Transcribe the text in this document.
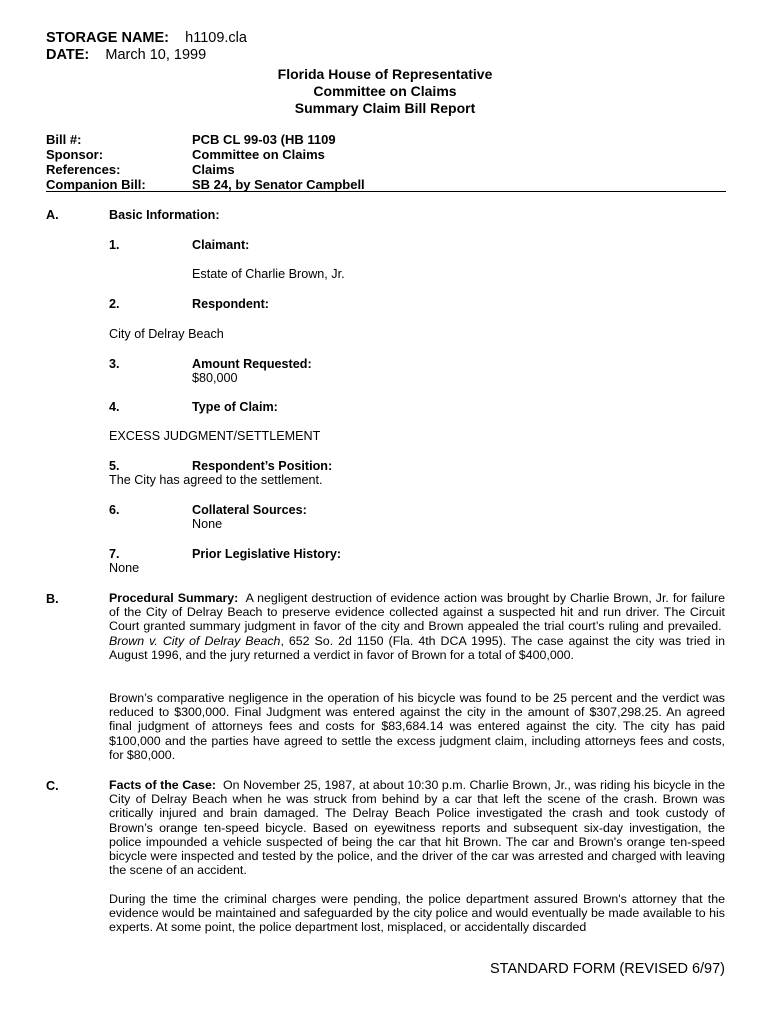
STORAGE NAME: h1109.cla
DATE: March 10, 1999
Florida House of Representative
Committee on Claims
Summary Claim Bill Report
Bill #:	PCB CL 99-03 (HB 1109
Sponsor:	Committee on Claims
References:	Claims
Companion Bill:	SB 24, by Senator Campbell
A.	Basic Information:
1.	Claimant:
Estate of Charlie Brown, Jr.
2.	Respondent:
City of Delray Beach
3.	Amount Requested:
$80,000
4.	Type of Claim:
EXCESS JUDGMENT/SETTLEMENT
5.	Respondent’s Position:
The City has agreed to the settlement.
6.	Collateral Sources:
None
7.	Prior Legislative History:
None
B.	Procedural Summary: A negligent destruction of evidence action was brought by Charlie Brown, Jr. for failure of the City of Delray Beach to preserve evidence collected against a suspected hit and run driver. The Circuit Court granted summary judgment in favor of the city and Brown appealed the trial court’s ruling and prevailed.  Brown v. City of Delray Beach, 652 So. 2d 1150 (Fla. 4th DCA 1995). The case against the city was tried in August 1996, and the jury returned a verdict in favor of Brown for a total of $400,000.
Brown’s comparative negligence in the operation of his bicycle was found to be 25 percent and the verdict was reduced to $300,000. Final Judgment was entered against the city in the amount of $307,298.25. An agreed final judgment of attorneys fees and costs for $83,684.14 was entered against the city. The city has paid $100,000 and the parties have agreed to settle the excess judgment claim, including attorneys fees and costs, for $80,000.
C.	Facts of the Case: On November 25, 1987, at about 10:30 p.m. Charlie Brown, Jr., was riding his bicycle in the City of Delray Beach when he was struck from behind by a car that left the scene of the crash. Brown was critically injured and brain damaged. The Delray Beach Police investigated the crash and took custody of Brown’s orange ten-speed bicycle. Based on eyewitness reports and subsequent six-day investigation, the police impounded a vehicle suspected of being the car that hit Brown. The car and Brown's orange ten-speed bicycle were inspected and tested by the police, and the driver of the car was arrested and charged with leaving the scene of an accident.
During the time the criminal charges were pending, the police department assured Brown's attorney that the evidence would be maintained and safeguarded by the city police and would eventually be made available to his experts. At some point, the police department lost, misplaced, or accidentally discarded
STANDARD FORM (REVISED 6/97)
